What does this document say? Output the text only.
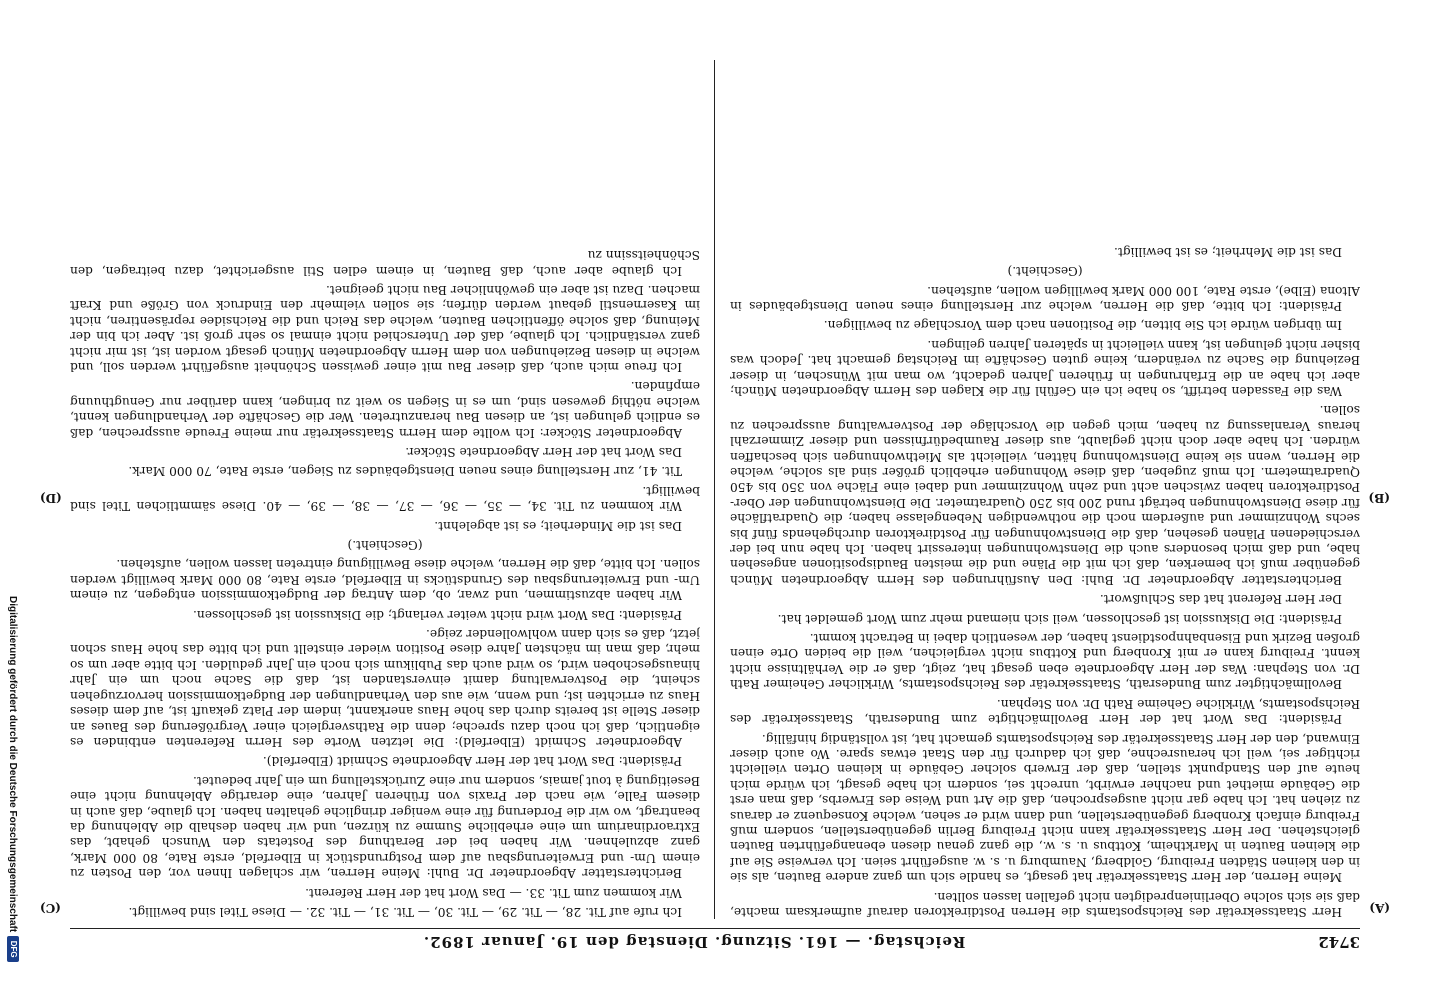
3742
Reichstag. — 161. Sitzung. Dienstag den 19. Januar 1892.
(A)
(B)
(C)
(D)

Herr Staatssekretär des Reichspostamts die Herren Postdirektoren darauf aufmerksam machte, daß sie sich solche Oberlinienpredigten nicht gefallen lassen sollten.

Meine Herren, der Herr Staatssekretär hat gesagt, es handle sich um ganz andere Bauten, als sie in den kleinen Städten Freiburg, Goldberg, Naumburg u. s. w. ausgeführt seien. Ich verweise Sie auf die kleinen Bauten in Marktheim, Kottbus u. s. w., die ganz genau diesen ebenangeführten Bauten gleichstehen. Der Herr Staatssekretär kann nicht Freiburg Berlin gegenüberstellen, sondern muß Freiburg einfach Kronberg gegenüberstellen, und dann wird er sehen, welche Konsequenz er daraus zu ziehen hat. Ich habe gar nicht ausgesprochen, daß die Art und Weise des Erwerbs, daß man erst die Gebäude miethet und nachher erwirbt, unrecht sei, sondern ich habe gesagt, ich würde mich heute auf den Standpunkt stellen, daß der Erwerb solcher Gebäude in kleinen Orten vielleicht richtiger sei, weil ich herausrechne, daß ich dadurch für den Staat etwas spare. Wo auch dieser Einwand, den der Herr Staatssekretär des Reichspostamts gemacht hat, ist vollständig hinfällig.

Präsident: Das Wort hat der Herr Bevollmächtigte zum Bundesrath, Staatssekretär des Reichspostamts, Wirkliche Geheime Rath Dr. von Stephan.

Bevollmächtigter zum Bundesrath, Staatssekretär des Reichspostamts, Wirklicher Geheimer Rath Dr. von Stephan: Was der Herr Abgeordnete eben gesagt hat, zeigt, daß er die Verhältnisse nicht kennt. Freiburg kann er mit Kronberg und Kottbus nicht vergleichen, weil die beiden Orte einen großen Bezirk und Eisenbahnpostdienst haben, der wesentlich dabei in Betracht kommt.

Präsident: Die Diskussion ist geschlossen, weil sich niemand mehr zum Wort gemeldet hat.

Der Herr Referent hat das Schlußwort.

Berichterstatter Abgeordneter Dr. Buhl: Den Ausführungen des Herrn Abgeordneten Münch gegenüber muß ich bemerken, daß ich mit die Pläne und die meisten Baudispositionen angesehen habe, und daß mich besonders auch die Dienstwohnungen interessirt haben. Ich habe nun bei der verschiedenen Plänen gesehen, daß die Dienstwohnungen für Postdirektoren durchgehends fünf bis sechs Wohnzimmer und außerdem noch die nothwendigen Nebengelasse haben; die Quadratfläche für diese Dienstwohnungen beträgt rund 200 bis 250 Quadratmeter. Die Dienstwohnungen der Ober-Postdirektoren haben zwischen acht und zehn Wohnzimmer und dabei eine Fläche von 350 bis 450 Quadratmetern. Ich muß zugeben, daß diese Wohnungen erheblich größer sind als solche, welche die Herren, wenn sie keine Dienstwohnung hätten, vielleicht als Miethwohnungen sich beschaffen würden. Ich habe aber doch nicht geglaubt, aus dieser Raumbedürfnissen und dieser Zimmerzahl heraus Veranlassung zu haben, mich gegen die Vorschläge der Postverwaltung aussprechen zu sollen.

Was die Fassaden betrifft, so habe ich ein Gefühl für die Klagen des Herrn Abgeordneten Münch; aber ich habe an die Erfahrungen in früheren Jahren gedacht, wo man mit Wünschen, in dieser Beziehung die Sache zu verändern, keine guten Geschäfte im Reichstag gemacht hat. Jedoch was bisher nicht gelungen ist, kann vielleicht in späteren Jahren gelingen.

Im übrigen würde ich Sie bitten, die Positionen nach dem Vorschlage zu bewilligen.

Präsident: Ich bitte, daß die Herren, welche zur Herstellung eines neuen Dienstgebäudes in Altona (Elbe), erste Rate, 100 000 Mark bewilligen wollen, aufstehen.

(Geschieht.)

Das ist die Mehrheit; es ist bewilligt.

Ich rufe auf Tit. 28, — Tit. 29, — Tit. 30, — Tit. 31, — Tit. 32. — Diese Titel sind bewilligt.

Wir kommen zum Tit. 33. — Das Wort hat der Herr Referent.

Berichterstatter Abgeordneter Dr. Buhl: Meine Herren, wir schlagen Ihnen vor, den Posten zu einem Um- und Erweiterungsbau auf dem Postgrundstück in Elberfeld, erste Rate, 80 000 Mark, ganz abzulehnen. Wir haben bei der Berathung des Postetats den Wunsch gehabt, das Extraordinarium um eine erhebliche Summe zu kürzen, und wir haben deshalb die Ablehnung da beantragt, wo wir die Forderung für eine weniger dringliche gehalten haben. Ich glaube, daß auch in diesem Falle, wie nach der Praxis von früheren Jahren, eine derartige Ablehnung nicht eine Beseitigung à tout jamais, sondern nur eine Zurückstellung um ein Jahr bedeutet.

Präsident: Das Wort hat der Herr Abgeordnete Schmidt (Elberfeld).

Abgeordneter Schmidt (Elberfeld): Die letzten Worte des Herrn Referenten entbinden es eigentlich, daß ich noch dazu spreche; denn die Rathsvergleich einer Vergrößerung des Baues an dieser Stelle ist bereits durch das hohe Haus anerkannt, indem der Platz gekauft ist, auf dem dieses Haus zu errichten ist; und wenn, wie aus den Verhandlungen der Budgetkommission hervorzugehen scheint, die Postverwaltung damit einverstanden ist, daß die Sache noch um ein Jahr hinausgeschoben wird, so wird auch das Publikum sich noch ein Jahr gedulden. Ich bitte aber um so mehr, daß man im nächsten Jahre diese Position wieder einstellt und ich bitte das hohe Haus schon jetzt, daß es sich dann wohlwollender zeige.

Präsident: Das Wort wird nicht weiter verlangt; die Diskussion ist geschlossen.

Wir haben abzustimmen, und zwar, ob, dem Antrag der Budgetkommission entgegen, zu einem Um- und Erweiterungsbau des Grundstücks in Elberfeld, erste Rate, 80 000 Mark bewilligt werden sollen. Ich bitte, daß die Herren, welche diese Bewilligung eintreten lassen wollen, aufstehen.

(Geschieht.)

Das ist die Minderheit; es ist abgelehnt.

Wir kommen zu Tit. 34, — 35, — 36, — 37, — 38, — 39, — 40. Diese sämmtlichen Titel sind bewilligt.

Tit. 41, zur Herstellung eines neuen Dienstgebäudes zu Siegen, erste Rate, 70 000 Mark.

Das Wort hat der Herr Abgeordnete Stöcker.

Abgeordneter Stöcker: Ich wollte dem Herrn Staatssekretär nur meine Freude aussprechen, daß es endlich gelungen ist, an diesen Bau heranzutreten. Wer die Geschäfte der Verhandlungen kennt, welche nöthig gewesen sind, um es in Siegen so weit zu bringen, kann darüber nur Genugthuung empfinden.

Ich freue mich auch, daß dieser Bau mit einer gewissen Schönheit ausgeführt werden soll, und welche in diesen Beziehungen von dem Herrn Abgeordneten Münch gesagt worden ist, ist mir nicht ganz verständlich. Ich glaube, daß der Unterschied nicht einmal so sehr groß ist. Aber ich bin der Meinung, daß solche öffentlichen Bauten, welche das Reich und die Reichsidee repräsentiren, nicht im Kasernenstil gebaut werden dürfen; sie sollen vielmehr den Eindruck von Größe und Kraft machen. Dazu ist aber ein gewöhnlicher Bau nicht geeignet.

Ich glaube aber auch, daß Bauten, in einem edlen Stil ausgerichtet, dazu beitragen, den Schönheitssinn zu

Digitalisierung gefördert durch die Deutsche Forschungsgemeinschaft
DFG
